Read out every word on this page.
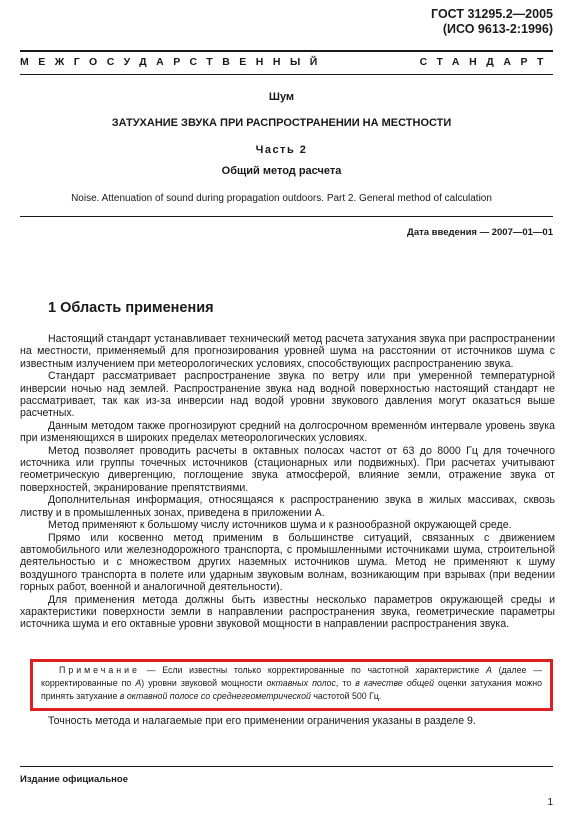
ГОСТ 31295.2—2005
(ИСО 9613-2:1996)
МЕЖГОСУДАРСТВЕННЫЙ	СТАНДАРТ
Шум
ЗАТУХАНИЕ ЗВУКА ПРИ РАСПРОСТРАНЕНИИ НА МЕСТНОСТИ
Часть 2
Общий метод расчета
Noise. Attenuation of sound during propagation outdoors. Part 2. General method of calculation
Дата введения — 2007—01—01
1 Область применения

Настоящий стандарт устанавливает технический метод расчета затухания звука при распространении на местности, применяемый для прогнозирования уровней шума на расстоянии от источников шума с известным излучением при метеорологических условиях, способствующих распространению звука.

Стандарт рассматривает распространение звука по ветру или при умеренной температурной инверсии ночью над землей. Распространение звука над водной поверхностью настоящий стандарт не рассматривает, так как из-за инверсии над водой уровни звукового давления могут оказаться выше расчетных.

Данным методом также прогнозируют средний на долгосрочном временнóм интервале уровень звука при изменяющихся в широких пределах метеорологических условиях.

Метод позволяет проводить расчеты в октавных полосах частот от 63 до 8000 Гц для точечного источника или группы точечных источников (стационарных или подвижных). При расчетах учитывают геометрическую дивергенцию, поглощение звука атмосферой, влияние земли, отражение звука от поверхностей, экранирование препятствиями.

Дополнительная информация, относящаяся к распространению звука в жилых массивах, сквозь листву и в промышленных зонах, приведена в приложении А.

Метод применяют к большому числу источников шума и к разнообразной окружающей среде.

Прямо или косвенно метод применим в большинстве ситуаций, связанных с движением автомобильного или железнодорожного транспорта, с промышленными источниками шума, строительной деятельностью и с множеством других наземных источников шума. Метод не применяют к шуму воздушного транспорта в полете или ударным звуковым волнам, возникающим при взрывах (при ведении горных работ, военной и аналогичной деятельности).

Для применения метода должны быть известны несколько параметров окружающей среды и характеристики поверхности земли в направлении распространения звука, геометрические параметры источника шума и его октавные уровни звуковой мощности в направлении распространения звука.

Примечание — Если известны только корректированные по частотной характеристике А (далее — корректированные по А) уровни звуковой мощности октавных полос, то в качестве общей оценки затухания можно принять затухание в октавной полосе со среднегеометрической частотой 500 Гц.

Точность метода и налагаемые при его применении ограничения указаны в разделе 9.
Издание официальное
1
